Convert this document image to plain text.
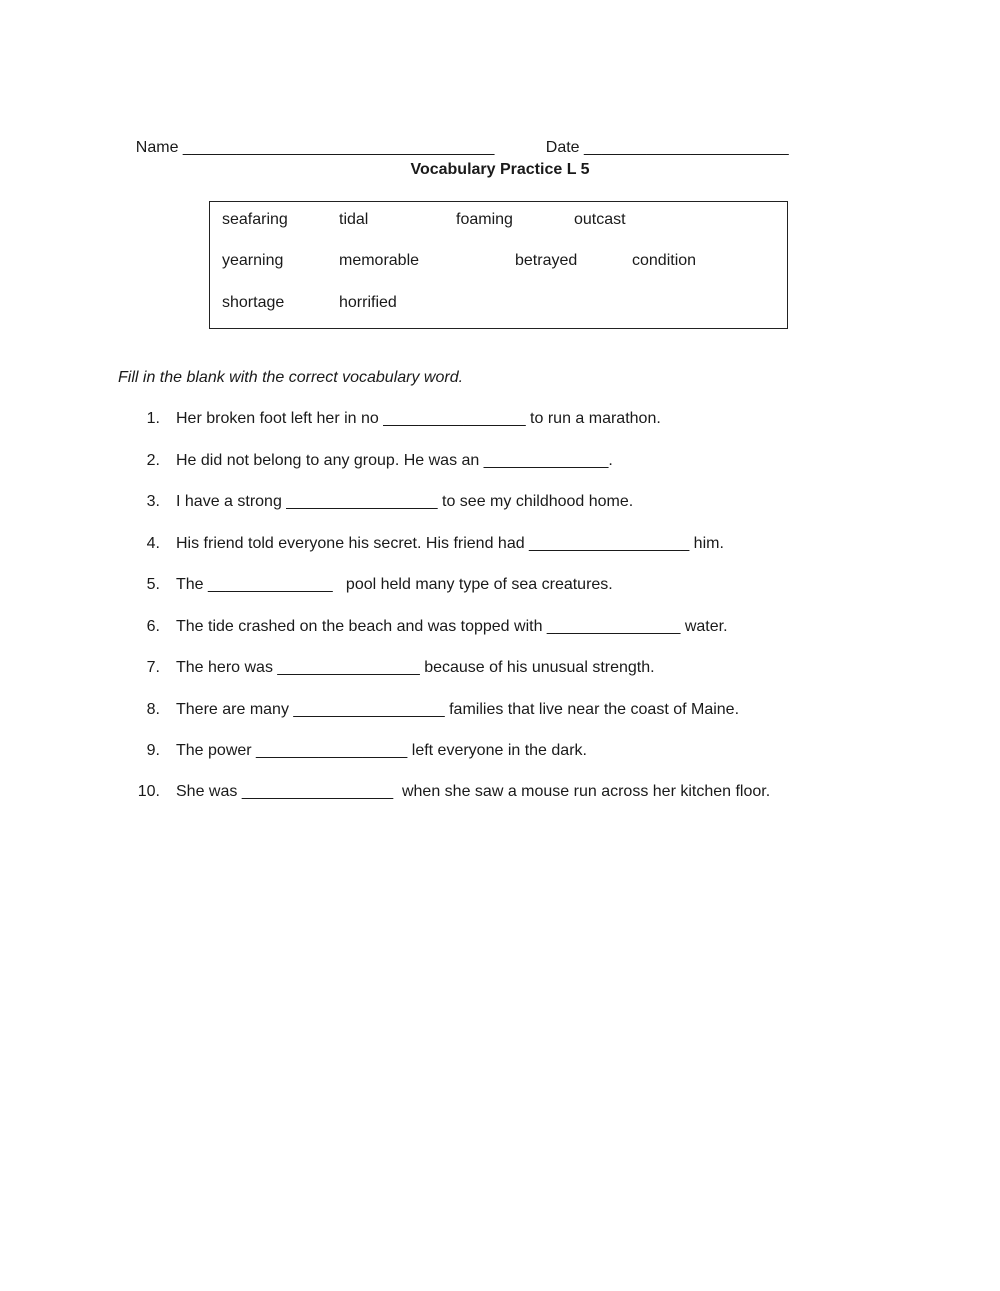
Name ___________________________________
	Date _______________________

Vocabulary Practice L 5
seafaring	tidal	foaming	outcast
yearning	memorable	betrayed	condition
shortage	horrified
Fill in the blank with the correct vocabulary word.
1. Her broken foot left her in no ________________ to run a marathon.
2. He did not belong to any group. He was an ______________.
3. I have a strong _________________ to see my childhood home.
4. His friend told everyone his secret. His friend had __________________ him.
5. The ______________   pool held many type of sea creatures.
6. The tide crashed on the beach and was topped with _______________ water.
7. The hero was ________________ because of his unusual strength.
8. There are many _________________ families that live near the coast of Maine.
9. The power _________________ left everyone in the dark.
10. She was _________________  when she saw a mouse run across her kitchen floor.
